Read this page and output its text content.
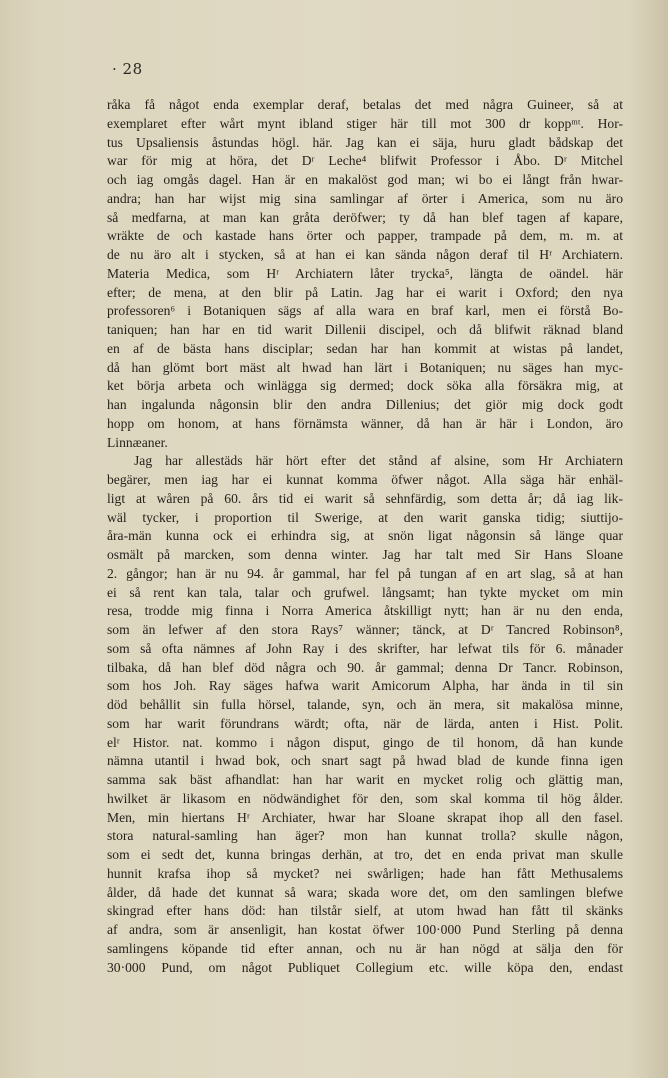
· 28
råka få något enda exemplar deraf, betalas det med några Guineer, så at
exemplaret efter wårt mynt ibland stiger här till mot 300 dr koppᵐᵗ. Hor-
tus Upsaliensis åstundas högl. här. Jag kan ei säja, huru gladt bådskap det
war för mig at höra, det Dʳ Leche⁴ blifwit Professor i Åbo. Dʳ Mitchel
och iag omgås dagel. Han är en makalöst god man; wi bo ei långt från hwar-
andra; han har wijst mig sina samlingar af örter i America, som nu äro
så medfarna, at man kan gråta deröfwer; ty då han blef tagen af kapare,
wräkte de och kastade hans örter och papper, trampade på dem, m. m. at
de nu äro alt i stycken, så at han ei kan sända någon deraf til Hʳ Archiatern.
Materia Medica, som Hʳ Archiatern låter trycka⁵, längta de oändel. här
efter; de mena, at den blir på Latin. Jag har ei warit i Oxford; den nya
professoren⁶ i Botaniquen sägs af alla wara en braf karl, men ei förstå Bo-
taniquen; han har en tid warit Dillenii discipel, och då blifwit räknad bland
en af de bästa hans disciplar; sedan har han kommit at wistas på landet,
då han glömt bort mäst alt hwad han lärt i Botaniquen; nu säges han myc-
ket börja arbeta och winlägga sig dermed; dock söka alla försäkra mig, at
han ingalunda någonsin blir den andra Dillenius; det giör mig dock godt
hopp om honom, at hans förnämsta wänner, då han är här i London, äro
Linnæaner.
Jag har allestäds här hört efter det stånd af alsine, som Hr Archiatern
begärer, men iag har ei kunnat komma öfwer något. Alla säga här enhäl-
ligt at wåren på 60. års tid ei warit så sehnfärdig, som detta år; då iag lik-
wäl tycker, i proportion til Swerige, at den warit ganska tidig; siuttijo-
åra-män kunna ock ei erhindra sig, at snön ligat någonsin så länge quar
osmält på marcken, som denna winter. Jag har talt med Sir Hans Sloane
2. gångor; han är nu 94. år gammal, har fel på tungan af en art slag, så at han
ei så rent kan tala, talar och grufwel. långsamt; han tykte mycket om min
resa, trodde mig finna i Norra America åtskilligt nytt; han är nu den enda,
som än lefwer af den stora Rays⁷ wänner; tänck, at Dʳ Tancred Robinson⁸,
som så ofta nämnes af John Ray i des skrifter, har lefwat tils för 6. månader
tilbaka, då han blef död några och 90. år gammal; denna Dr Tancr. Robinson,
som hos Joh. Ray säges hafwa warit Amicorum Alpha, har ända in til sin
död behållit sin fulla hörsel, talande, syn, och än mera, sit makalösa minne,
som har warit förundrans wärdt; ofta, när de lärda, anten i Hist. Polit.
elʳ Histor. nat. kommo i någon disput, gingo de til honom, då han kunde
nämna utantil i hwad bok, och snart sagt på hwad blad de kunde finna igen
samma sak bäst afhandlat: han har warit en mycket rolig och glättig man,
hwilket är likasom en nödwändighet för den, som skal komma til hög ålder.
Men, min hiertans Hʳ Archiater, hwar har Sloane skrapat ihop all den fasel.
stora natural-samling han äger? mon han kunnat trolla? skulle någon,
som ei sedt det, kunna bringas derhän, at tro, det en enda privat man skulle
hunnit krafsa ihop så mycket? nei swårligen; hade han fått Methusalems
ålder, då hade det kunnat så wara; skada wore det, om den samlingen blefwe
skingrad efter hans död: han tilstår sielf, at utom hwad han fått til skänks
af andra, som är ansenligit, han kostat öfwer 100·000 Pund Sterling på denna
samlingens köpande tid efter annan, och nu är han nögd at sälja den för
30·000 Pund, om något Publiquet Collegium etc. wille köpa den, endast
